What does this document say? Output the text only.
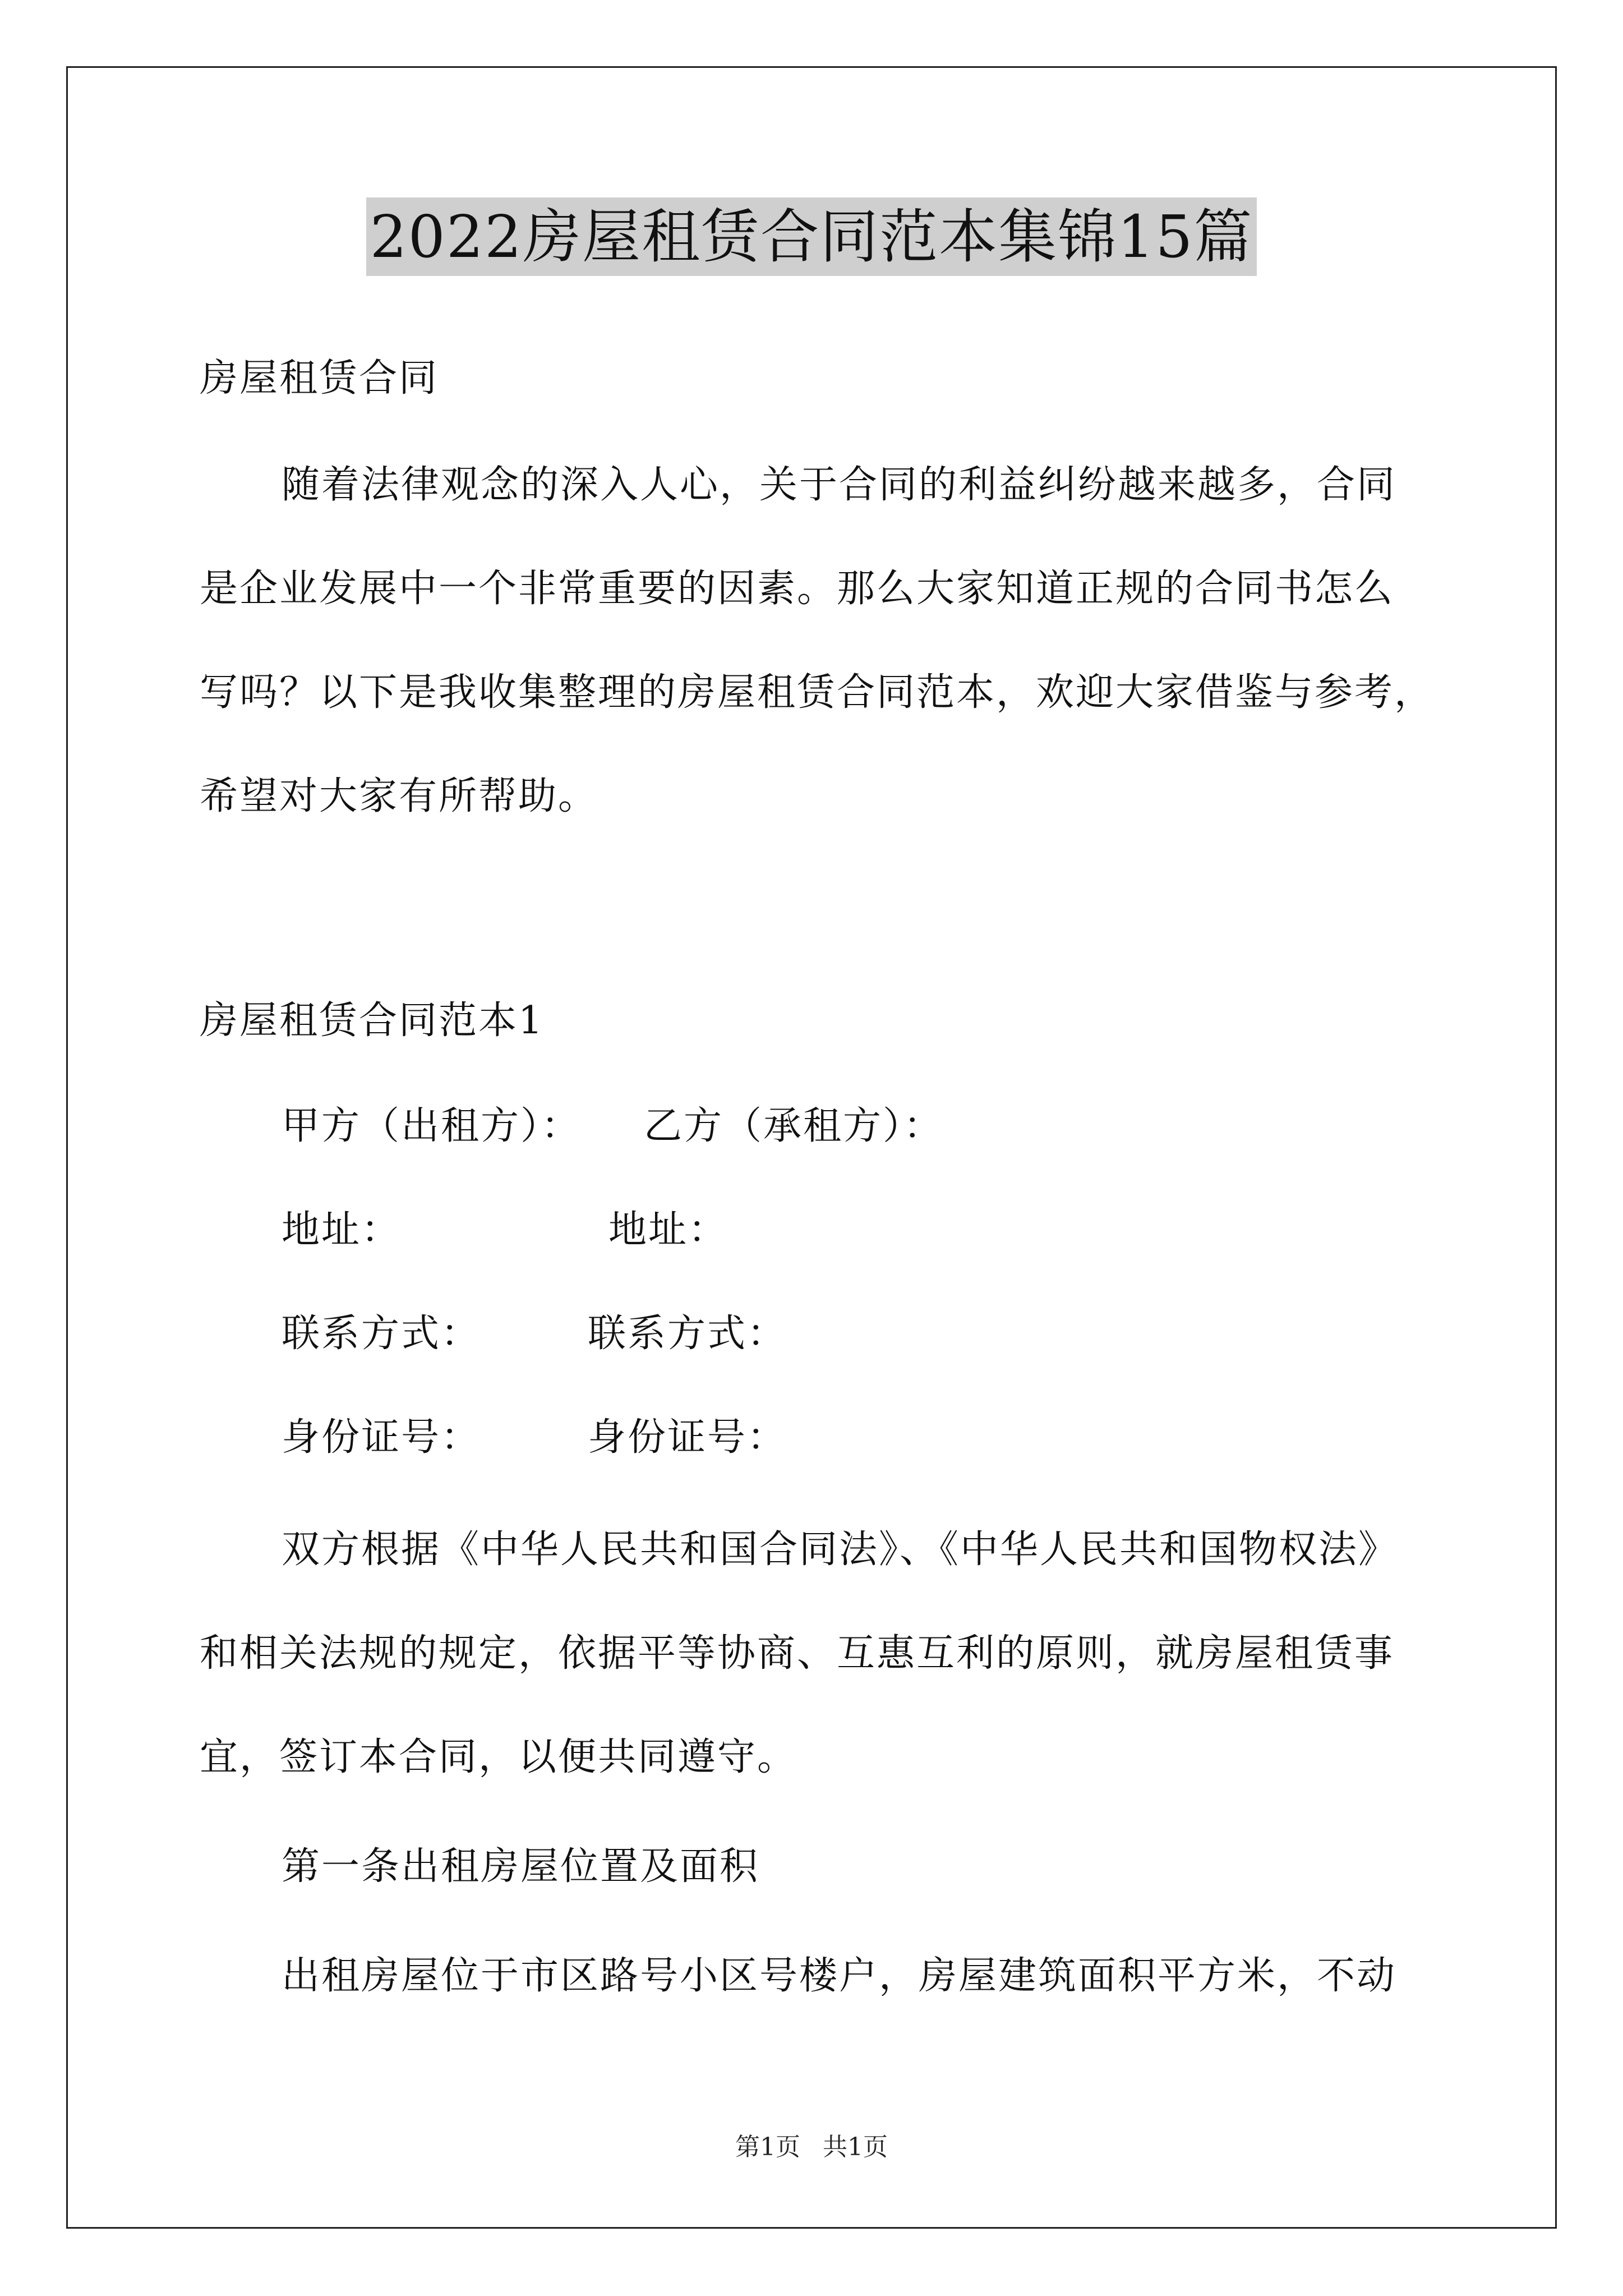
2022房屋租赁合同范本集锦15篇
房屋租赁合同
随着法律观念的深入人心，关于合同的利益纠纷越来越多，合同
是企业发展中一个非常重要的因素。那么大家知道正规的合同书怎么
写吗？以下是我收集整理的房屋租赁合同范本，欢迎大家借鉴与参考，
希望对大家有所帮助。
房屋租赁合同范本1
甲方（出租方）： 乙方（承租方）：
地址：	地址：
联系方式：	联系方式：
身份证号：	身份证号：
双方根据《中华人民共和国合同法》、《中华人民共和国物权法》
和相关法规的规定，依据平等协商、互惠互利的原则，就房屋租赁事
宜，签订本合同，以便共同遵守。
第一条出租房屋位置及面积
出租房屋位于市区路号小区号楼户，房屋建筑面积平方米，不动
第1页 共1页
